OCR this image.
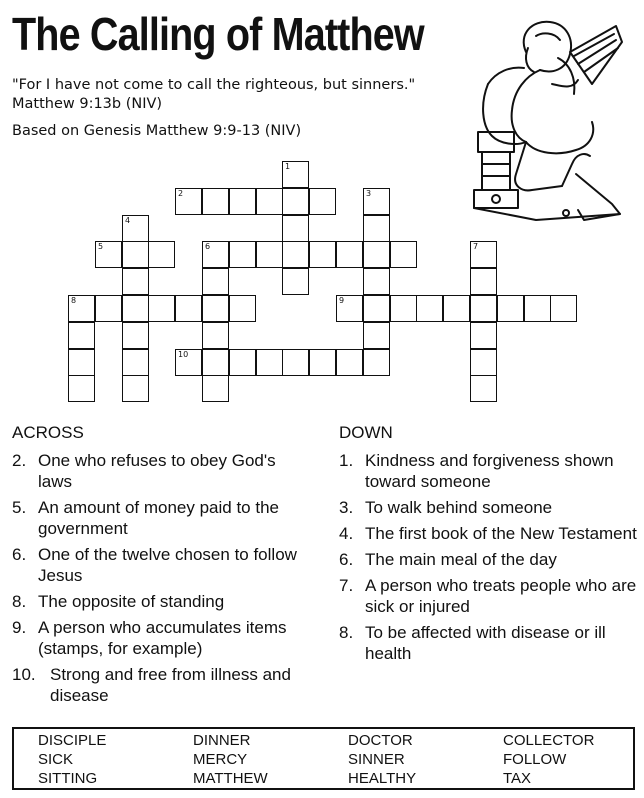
The Calling of Matthew
"For I have not come to call the righteous, but sinners."
Matthew 9:13b (NIV)
Based on Genesis Matthew 9:9-13 (NIV)
1
2	3
4
5	6	7
8	9
10
ACROSS
2. One who refuses to obey God's laws
5. An amount of money paid to the government
6. One of the twelve chosen to follow Jesus
8. The opposite of standing
9. A person who accumulates items (stamps, for example)
10. Strong and free from illness and disease
DOWN
1. Kindness and forgiveness shown toward someone
3. To walk behind someone
4. The first book of the New Testament
6. The main meal of the day
7. A person who treats people who are sick or injured
8. To be affected with disease or ill health
DISCIPLE	DINNER	DOCTOR	COLLECTOR
SICK	MERCY	SINNER	FOLLOW
SITTING	MATTHEW	HEALTHY	TAX
